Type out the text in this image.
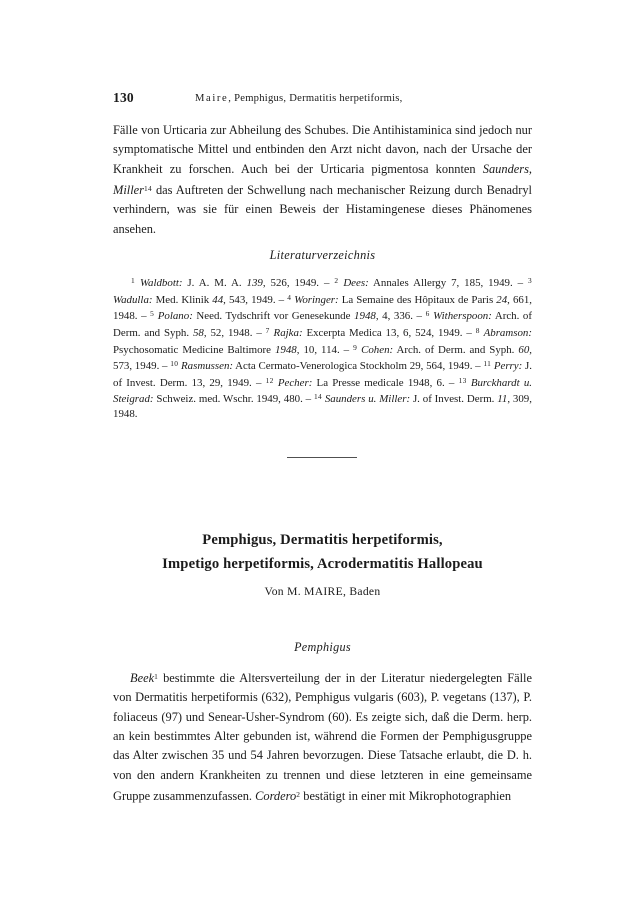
130	Maire, Pemphigus, Dermatitis herpetiformis,

Fälle von Urticaria zur Abheilung des Schubes. Die Antihistaminica sind jedoch nur symptomatische Mittel und entbinden den Arzt nicht davon, nach der Ursache der Krankheit zu forschen. Auch bei der Urticaria pigmentosa konnten Saunders, Miller$^{14}$ das Auftreten der Schwellung nach mechanischer Reizung durch Benadryl verhindern, was sie für einen Beweis der Histamingenese dieses Phänomenes ansehen.

Literaturverzeichnis

$^1$ Waldbott: J. A. M. A. 139, 526, 1949. – $^2$ Dees: Annales Allergy 7, 185, 1949. – $^3$ Wadulla: Med. Klinik 44, 543, 1949. – $^4$ Woringer: La Semaine des Hôpitaux de Paris 24, 661, 1948. – $^5$ Polano: Need. Tydschrift vor Genesekunde 1948, 4, 336. – $^6$ Witherspoon: Arch. of Derm. and Syph. 58, 52, 1948. – $^7$ Rajka: Excerpta Medica 13, 6, 524, 1949. – $^8$ Abramson: Psychosomatic Medicine Baltimore 1948, 10, 114. – $^9$ Cohen: Arch. of Derm. and Syph. 60, 573, 1949. – $^{10}$ Rasmussen: Acta Cermato-Venerologica Stockholm 29, 564, 1949. – $^{11}$ Perry: J. of Invest. Derm. 13, 29, 1949. – $^{12}$ Pecher: La Presse medicale 1948, 6. – $^{13}$ Burckhardt u. Steigrad: Schweiz. med. Wschr. 1949, 480. – $^{14}$ Saunders u. Miller: J. of Invest. Derm. 11, 309, 1948.

Pemphigus, Dermatitis herpetiformis,
Impetigo herpetiformis, Acrodermatitis Hallopeau
Von M. MAIRE, Baden
Pemphigus

Beek$^1$ bestimmte die Altersverteilung der in der Literatur niedergelegten Fälle von Dermatitis herpetiformis (632), Pemphigus vulgaris (603), P. vegetans (137), P. foliaceus (97) und Senear-Usher-Syndrom (60). Es zeigte sich, daß die Derm. herp. an kein bestimmtes Alter gebunden ist, während die Formen der Pemphigusgruppe das Alter zwischen 35 und 54 Jahren bevorzugen. Diese Tatsache erlaubt, die D. h. von den andern Krankheiten zu trennen und diese letzteren in eine gemeinsame Gruppe zusammenzufassen. Cordero$^2$ bestätigt in einer mit Mikrophotographien
